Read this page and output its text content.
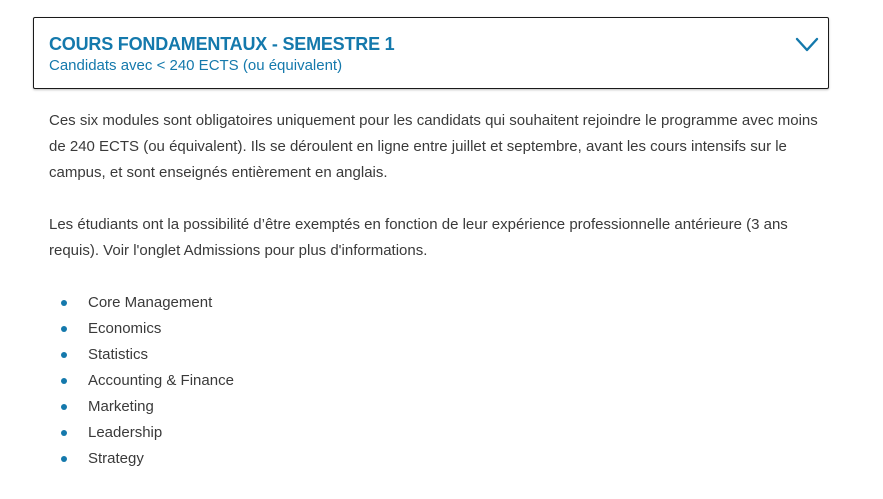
COURS FONDAMENTAUX - SEMESTRE 1
Candidats avec < 240 ECTS (ou équivalent)

Ces six modules sont obligatoires uniquement pour les candidats qui souhaitent rejoindre le programme avec moins de 240 ECTS (ou équivalent). Ils se déroulent en ligne entre juillet et septembre, avant les cours intensifs sur le campus, et sont enseignés entièrement en anglais.

Les étudiants ont la possibilité d’être exemptés en fonction de leur expérience professionnelle antérieure (3 ans requis). Voir l'onglet Admissions pour plus d'informations.

Core Management
Economics
Statistics
Accounting & Finance
Marketing
Leadership
Strategy
